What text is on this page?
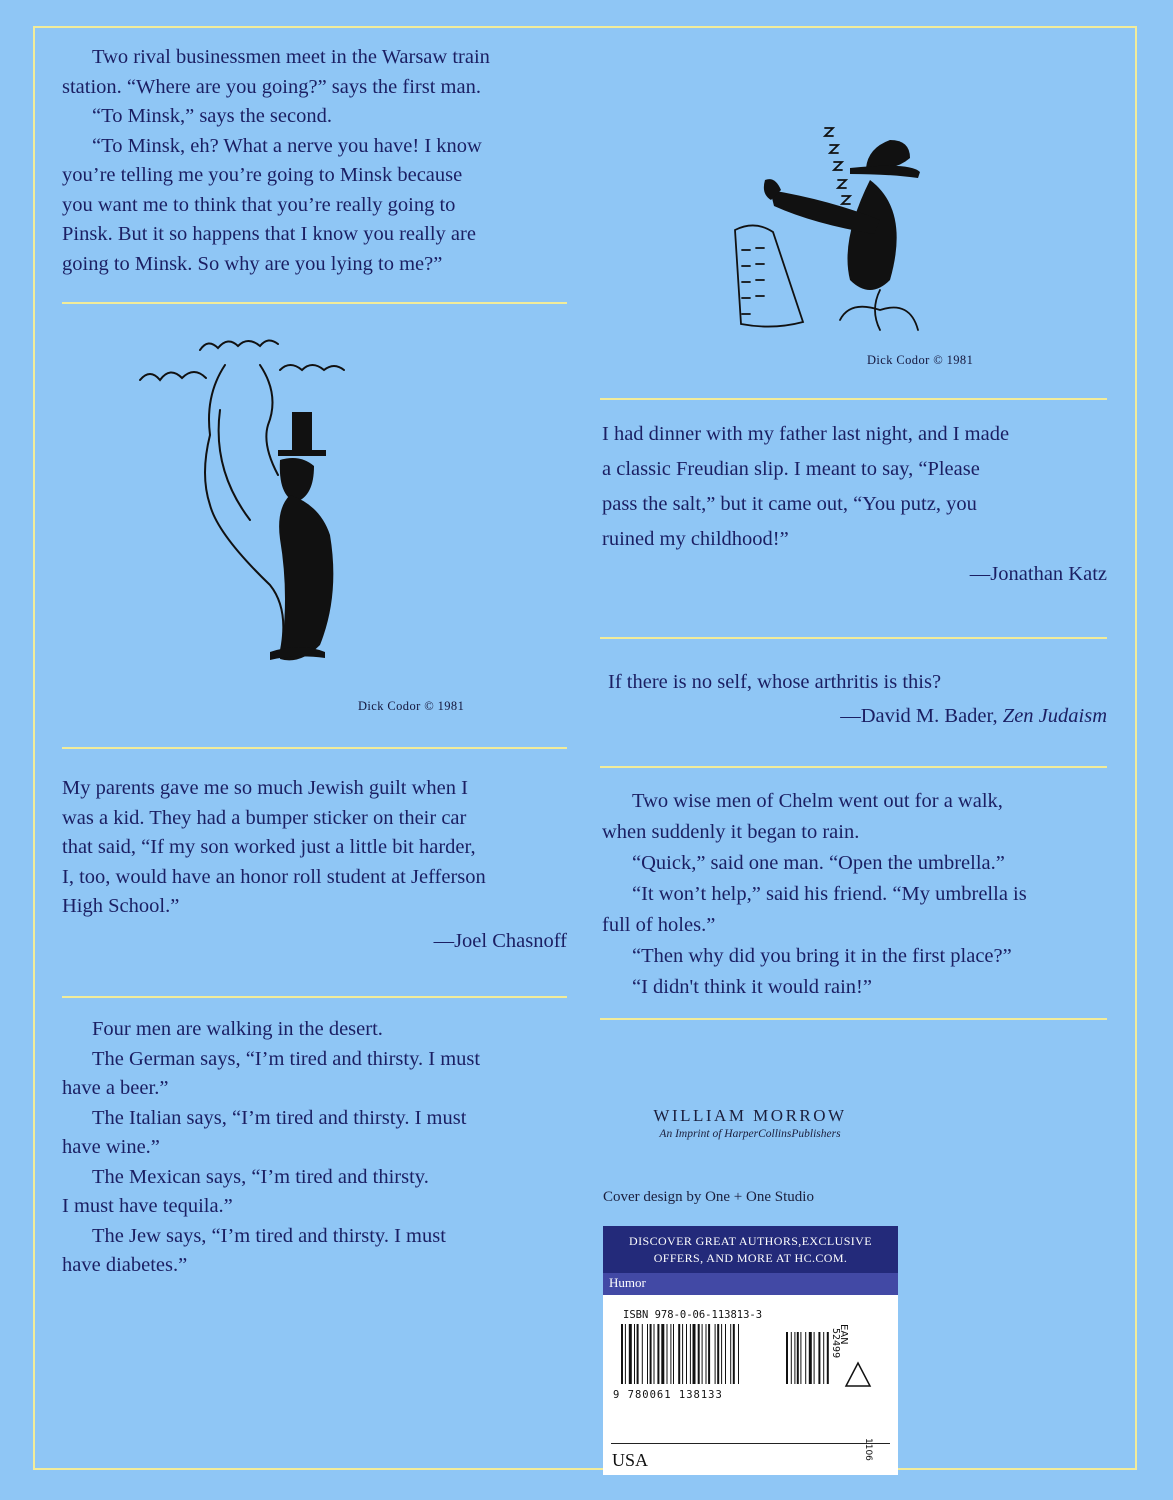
Two rival businessmen meet in the Warsaw train

station. “Where are you going?” says the first man.

“To Minsk,” says the second.

“To Minsk, eh? What a nerve you have! I know

you’re telling me you’re going to Minsk because

you want me to think that you’re really going to

Pinsk. But it so happens that I know you really are

going to Minsk. So why are you lying to me?”

Dick Codor © 1981

My parents gave me so much Jewish guilt when I

was a kid. They had a bumper sticker on their car

that said, “If my son worked just a little bit harder,

I, too, would have an honor roll student at Jefferson

High School.”

—Joel Chasnoff

Four men are walking in the desert.

The German says, “I’m tired and thirsty. I must

have a beer.”

The Italian says, “I’m tired and thirsty. I must

have wine.”

The Mexican says, “I’m tired and thirsty.

I must have tequila.”

The Jew says, “I’m tired and thirsty. I must

have diabetes.”

Dick Codor © 1981

I had dinner with my father last night, and I made

a classic Freudian slip. I meant to say, “Please

pass the salt,” but it came out, “You putz, you

ruined my childhood!”

—Jonathan Katz

If there is no self, whose arthritis is this?

—David M. Bader, Zen Judaism

Two wise men of Chelm went out for a walk,

when suddenly it began to rain.

“Quick,” said one man. “Open the umbrella.”

“It won’t help,” said his friend. “My umbrella is

full of holes.”

“Then why did you bring it in the first place?”

“I didn't think it would rain!”

WILLIAM MORROW
An Imprint of HarperCollinsPublishers
Cover design by One + One Studio
DISCOVER GREAT AUTHORS,EXCLUSIVE
OFFERS, AND MORE AT HC.COM.
Humor
ISBN 978-0-06-113813-3
52499
EAN
9 780061 138133
USA	1106
